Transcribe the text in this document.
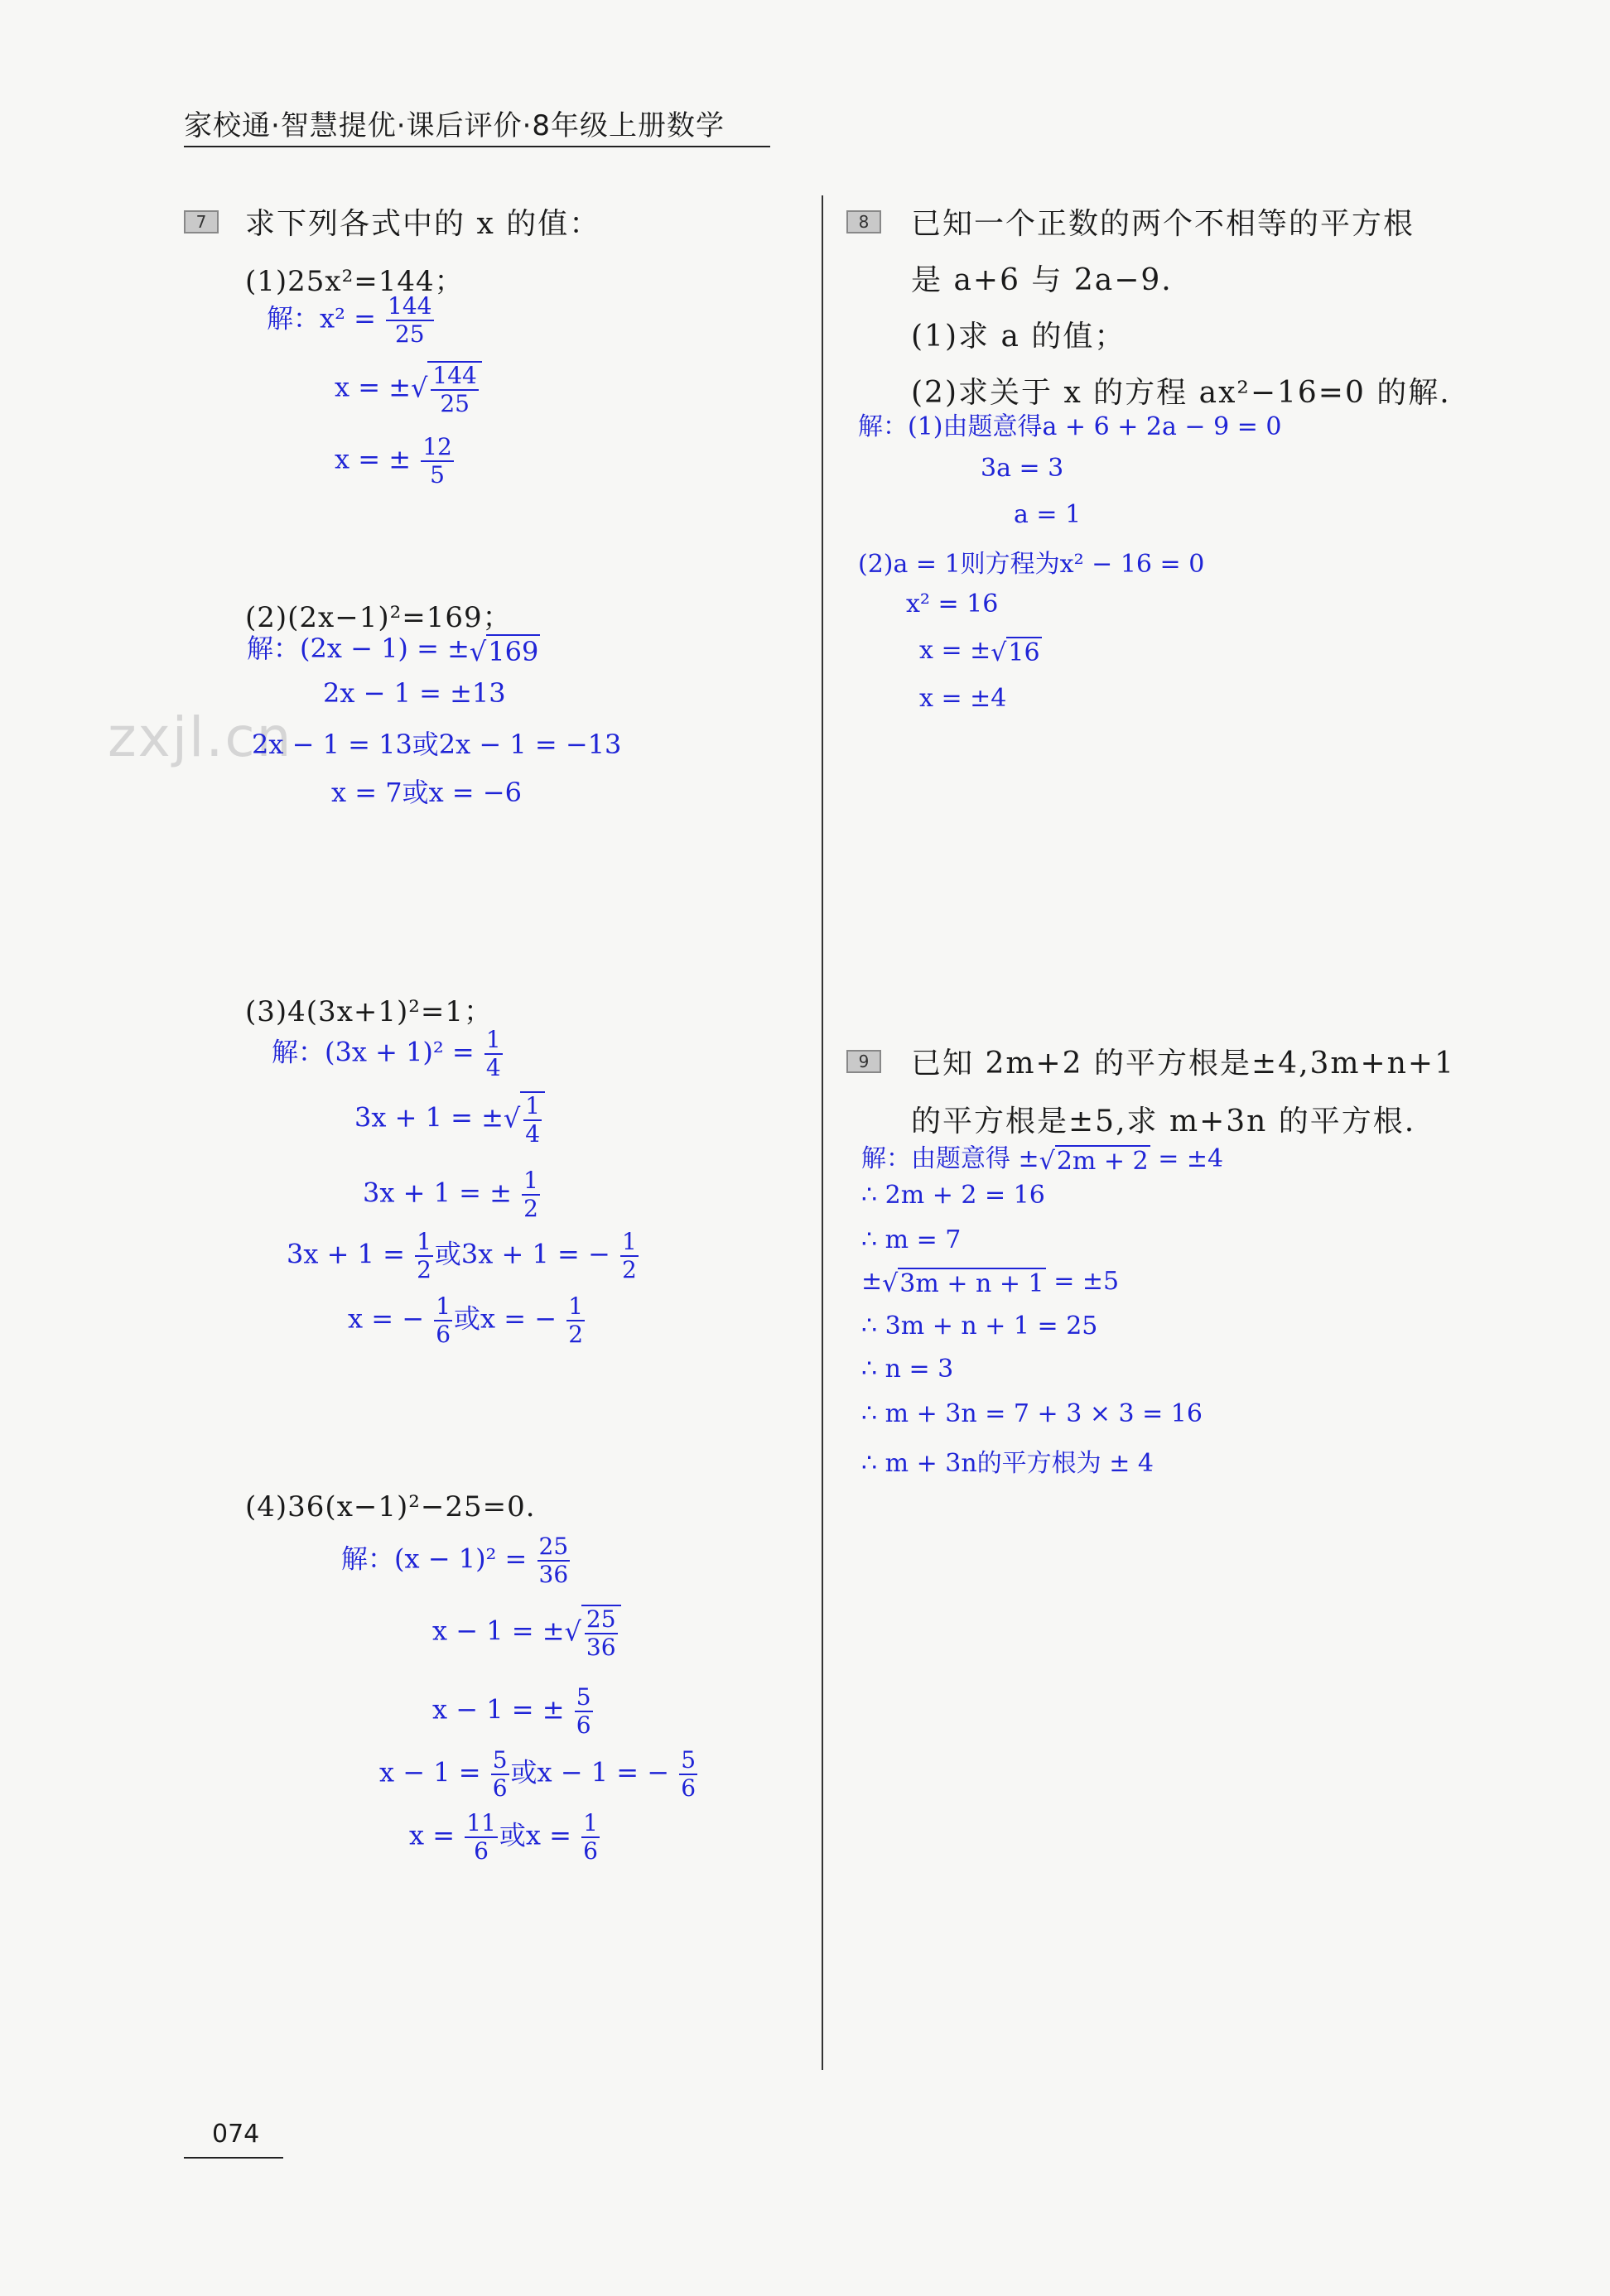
家校通·智慧提优·课后评价·8年级上册数学
zxjl.cn
7	求下列各式中的 x 的值：
(1)25x²=144；
解：$x^2 = \frac{144}{25}$
x = ±√ $\frac{144}{25}$
x = ± $\frac{12}{5}$
(2)(2x−1)²=169；
解：(2x − 1) = ±√169
2x − 1 = ±13
2x − 1 = 13或2x − 1 = −13
x = 7或x = −6
(3)4(3x+1)²=1；
解：$(3x + 1)^2 = \frac{1}{4}$
3x + 1 = ±√ $\frac{1}{4}$
3x + 1 = ± $\frac{1}{2}$
$3x + 1 = \frac{1}{2}$ 或3x + 1 = − $\frac{1}{2}$
x = − $\frac{1}{6}$ 或x = − $\frac{1}{2}$
(4)36(x−1)²−25=0.
解：$(x - 1)^2 = \frac{25}{36}$
x − 1 = ±√ $\frac{25}{36}$
x − 1 = ± $\frac{5}{6}$
$x - 1 = \frac{5}{6}$ 或x − 1 = − $\frac{5}{6}$
$x = \frac{11}{6}$ 或$x = \frac{1}{6}$
8	已知一个正数的两个不相等的平方根
是 a+6 与 2a−9.
(1)求 a 的值；
(2)求关于 x 的方程 ax²−16=0 的解.
解：(1)由题意得a + 6 + 2a − 9 = 0
3a = 3
a = 1
(2)a = 1则方程为x² − 16 = 0
x² = 16
x = ±√16
x = ±4
9	已知 2m+2 的平方根是±4,3m+n+1
的平方根是±5,求 m+3n 的平方根.
解：由题意得 ±√2m + 2 = ±4
∴ 2m + 2 = 16
∴ m = 7
±√3m + n + 1 = ±5
∴ 3m + n + 1 = 25
∴ n = 3
∴ m + 3n = 7 + 3 × 3 = 16
∴ m + 3n的平方根为 ± 4
074
